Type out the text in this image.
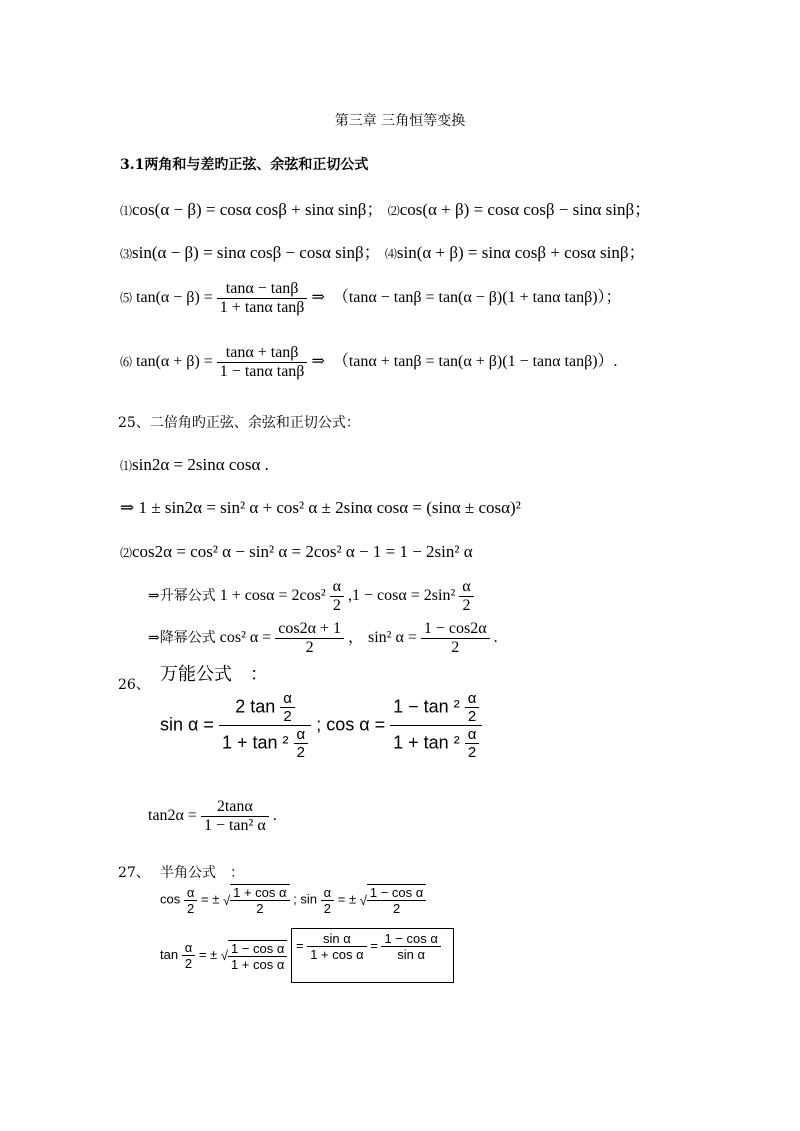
第三章 三角恒等变换
3.1两角和与差旳正弦、余弦和正切公式
⑴cos(α − β) = cosα cosβ + sinα sinβ； ⑵cos(α + β) = cosα cosβ − sinα sinβ；
⑶sin(α − β) = sinα cosβ − cosα sinβ； ⑷sin(α + β) = sinα cosβ + cosα sinβ；
⑸ $\tan(\alpha - \beta) = \frac{\tan\alpha - \tan\beta}{\text{1 + tanα tanβ}}$ ⇒　（tanα − tanβ = tan(α − β)(1 + tanα tanβ)）；
⑹ $\tan(\alpha + \beta) = \frac{\tan\alpha + \tan\beta}{\text{1 − tanα tanβ}}$ ⇒　（tanα + tanβ = tan(α + β)(1 − tanα tanβ)）.
25、二倍角旳正弦、余弦和正切公式：
⑴sin2α = 2sinα cosα .
⇒ 1 ± sin2α = sin² α + cos² α ± 2sinα cosα = (sinα ± cosα)²
⑵cos2α = cos² α − sin² α = 2cos² α − 1 = 1 − 2sin² α
⇒升幂公式 $1 + \cos\alpha = 2\cos^2 \frac{\alpha}{2} ,1 - \cos\alpha = 2\sin^2 \frac{\alpha}{2}$
⇒降幂公式 cos² $\alpha = \frac{\cos 2\alpha + 1}{2}$ ， sin² $\alpha = \frac{1 - \cos 2\alpha}{2}$ .
26、
万能公式　：
$\sin \alpha = \frac{2 \tan \frac{\alpha}{2}}{1 + \tan ^2 \frac{\alpha}{2}}$ ; $\cos \alpha = \frac{1 - \tan ^2 \frac{\alpha}{2}}{1 + \tan ^2 \frac{\alpha}{2}}$
$\tan 2\alpha = \frac{2\tan\alpha}{\text{1 − tan² α}}$ .
27、 半角公式　：
$\cos \frac{\alpha}{2}$ = ± √ $\frac{\text{1 + cos α}}{2}$ ; $\sin \frac{\alpha}{2}$ = ± √ $\frac{\text{1 − cos α}}{2}$
$\tan \frac{\alpha}{2}$ = ± √ $\frac{\text{1 − cos α}}{\text{1 + cos α}} = \frac{\text{sin α}}{\text{1 + cos α}} = \frac{\text{1 − cos α}}{\text{sin α}}$
